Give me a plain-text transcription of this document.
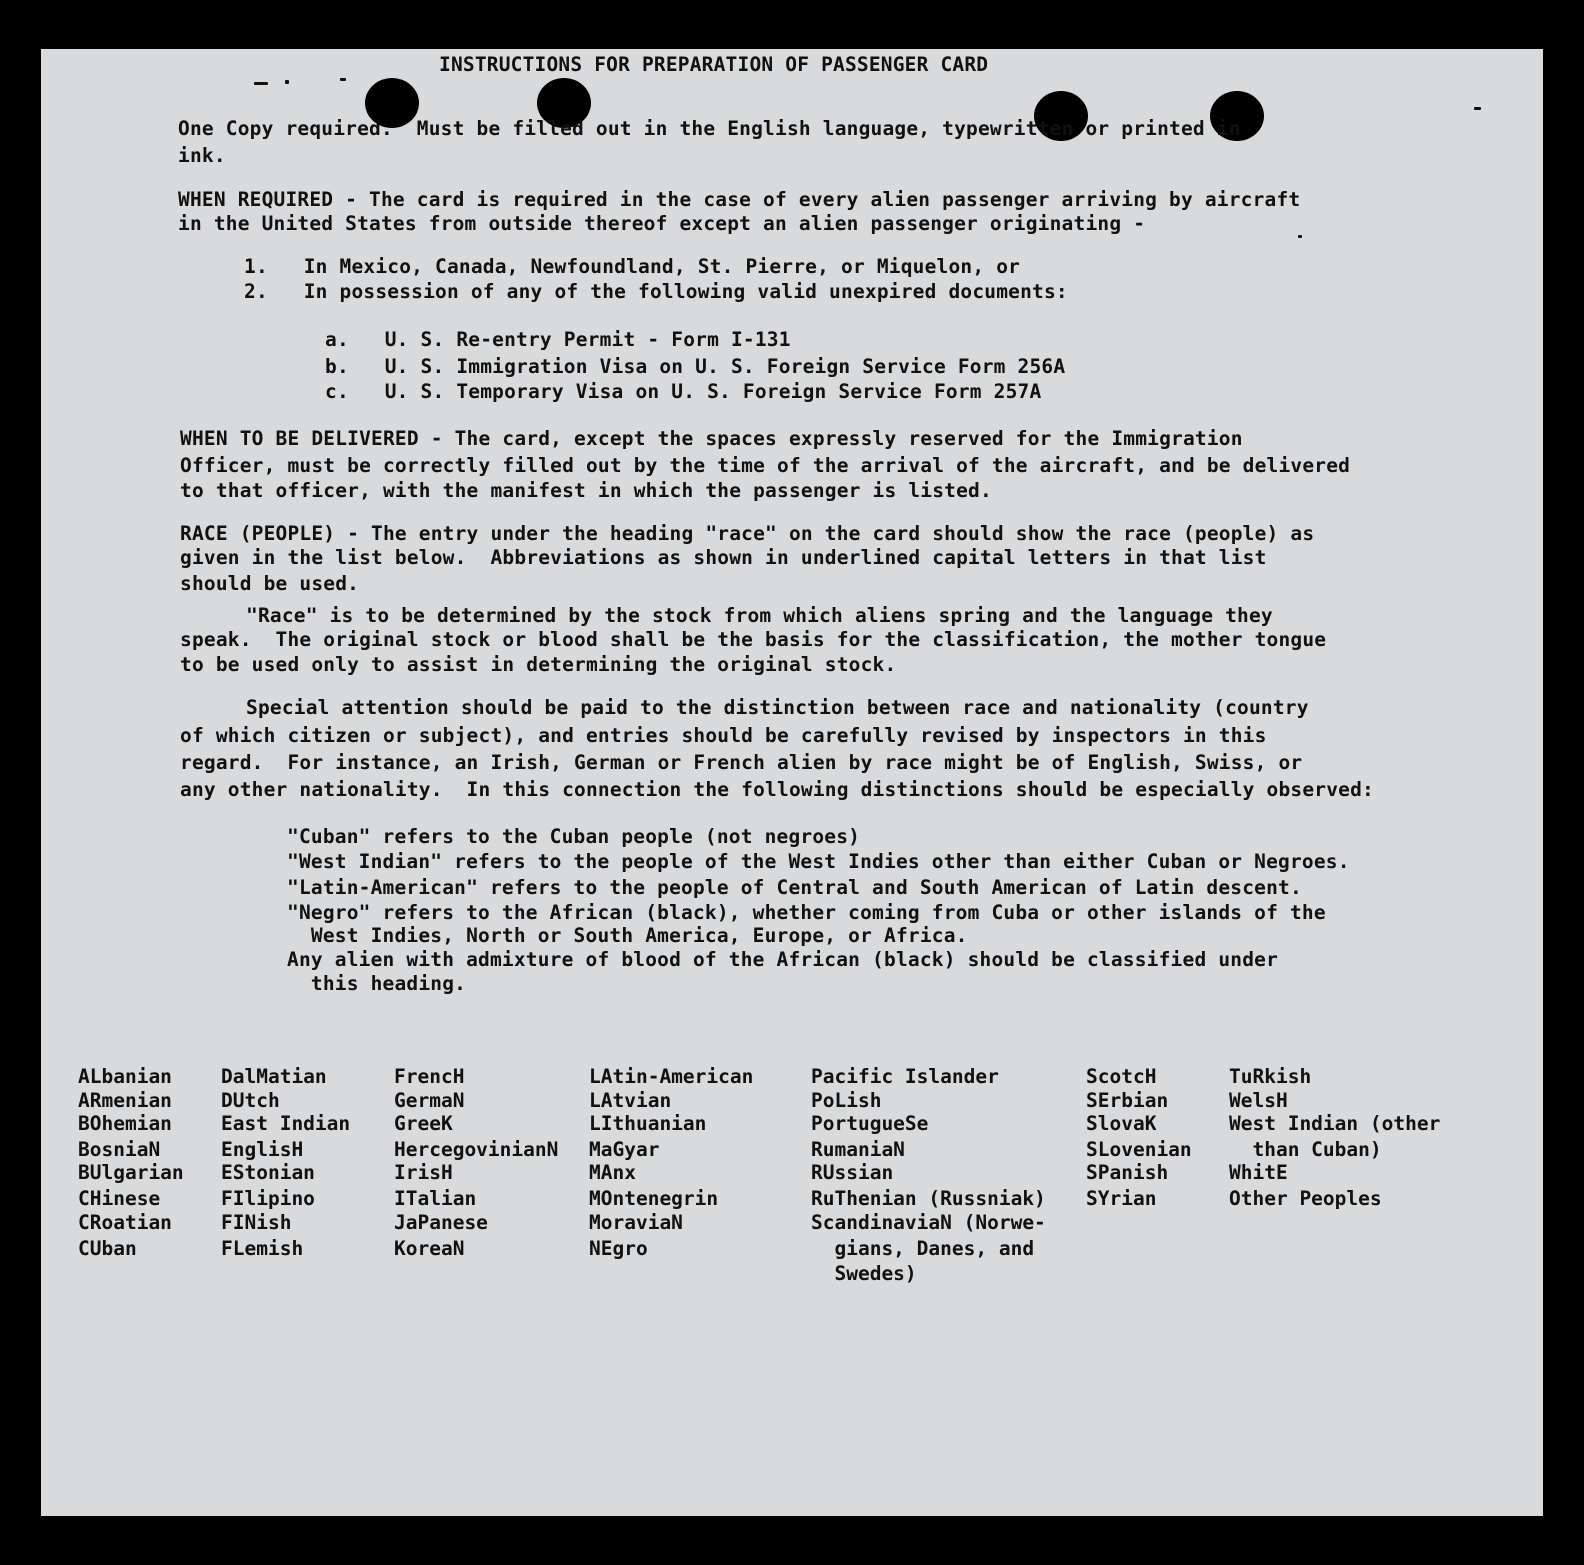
INSTRUCTIONS FOR PREPARATION OF PASSENGER CARD
One Copy required.  Must be filled out in the English language, typewritten or printed in
ink.
WHEN REQUIRED - The card is required in the case of every alien passenger arriving by aircraft
in the United States from outside thereof except an alien passenger originating -
1.   In Mexico, Canada, Newfoundland, St. Pierre, or Miquelon, or
2.   In possession of any of the following valid unexpired documents:
a.   U. S. Re-entry Permit - Form I-131
b.   U. S. Immigration Visa on U. S. Foreign Service Form 256A
c.   U. S. Temporary Visa on U. S. Foreign Service Form 257A
WHEN TO BE DELIVERED - The card, except the spaces expressly reserved for the Immigration
Officer, must be correctly filled out by the time of the arrival of the aircraft, and be delivered
to that officer, with the manifest in which the passenger is listed.
RACE (PEOPLE) - The entry under the heading "race" on the card should show the race (people) as
given in the list below.  Abbreviations as shown in underlined capital letters in that list
should be used.
"Race" is to be determined by the stock from which aliens spring and the language they
speak.  The original stock or blood shall be the basis for the classification, the mother tongue
to be used only to assist in determining the original stock.
Special attention should be paid to the distinction between race and nationality (country
of which citizen or subject), and entries should be carefully revised by inspectors in this
regard.  For instance, an Irish, German or French alien by race might be of English, Swiss, or
any other nationality.  In this connection the following distinctions should be especially observed:
"Cuban" refers to the Cuban people (not negroes)
"West Indian" refers to the people of the West Indies other than either Cuban or Negroes.
"Latin-American" refers to the people of Central and South American of Latin descent.
"Negro" refers to the African (black), whether coming from Cuba or other islands of the
West Indies, North or South America, Europe, or Africa.
Any alien with admixture of blood of the African (black) should be classified under
this heading.
ALbanian
ARmenian
BOhemian
BosniaN
BUlgarian
CHinese
CRoatian
CUban
DalMatian
DUtch
East Indian
EnglisH
EStonian
FIlipino
FINish
FLemish
FrencH
GermaN
GreeK
HercegovinianN
IrisH
ITalian
JaPanese
KoreaN
LAtin-American
LAtvian
LIthuanian
MaGyar
MAnx
MOntenegrin
MoraviaN
NEgro
Pacific Islander
PoLish
PortugueSe
RumaniaN
RUssian
RuThenian (Russniak)
ScandinaviaN (Norwe-
gians, Danes, and
Swedes)
ScotcH
SErbian
SlovaK
SLovenian
SPanish
SYrian
TuRkish
WelsH
West Indian (other
than Cuban)
WhitE
Other Peoples
